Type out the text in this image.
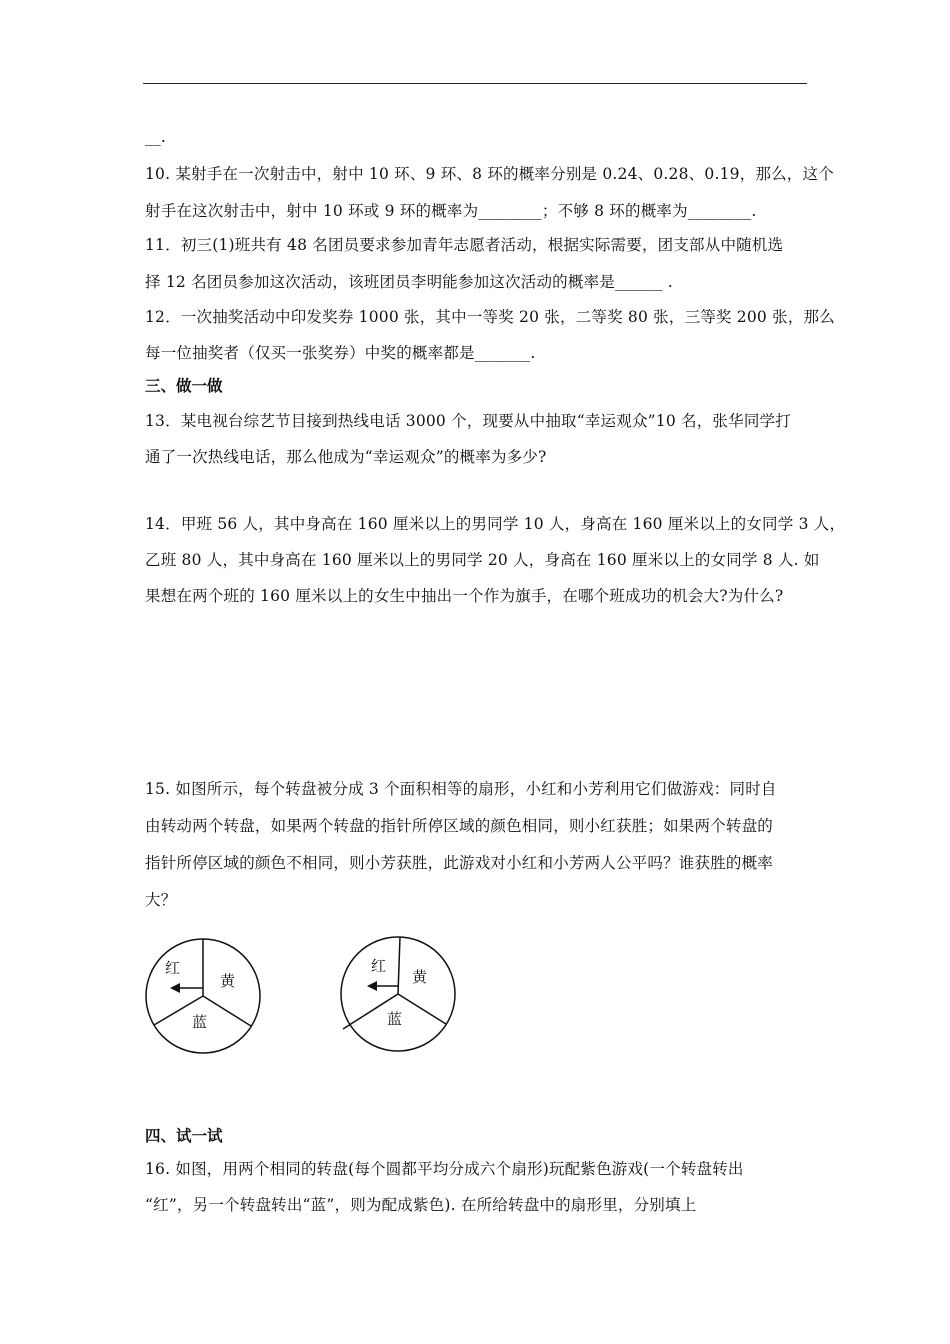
__.
10. 某射手在一次射击中，射中 10 环、9 环、8 环的概率分别是 0.24、0.28、0.19，那么，这个
射手在这次射击中，射中 10 环或 9 环的概率为________；不够 8 环的概率为________.
11．初三(1)班共有 48 名团员要求参加青年志愿者活动，根据实际需要，团支部从中随机选
择 12 名团员参加这次活动，该班团员李明能参加这次活动的概率是______ .
12．一次抽奖活动中印发奖券 1000 张，其中一等奖 20 张，二等奖 80 张，三等奖 200 张，那么
每一位抽奖者（仅买一张奖券）中奖的概率都是_______.
三、做一做
13．某电视台综艺节目接到热线电话 3000 个，现要从中抽取“幸运观众”10 名，张华同学打
通了一次热线电话，那么他成为“幸运观众”的概率为多少?
14．甲班 56 人，其中身高在 160 厘米以上的男同学 10 人，身高在 160 厘米以上的女同学 3 人，
乙班 80 人，其中身高在 160 厘米以上的男同学 20 人，身高在 160 厘米以上的女同学 8 人. 如
果想在两个班的 160 厘米以上的女生中抽出一个作为旗手，在哪个班成功的机会大?为什么?
15. 如图所示，每个转盘被分成 3 个面积相等的扇形，小红和小芳利用它们做游戏：同时自
由转动两个转盘，如果两个转盘的指针所停区域的颜色相同，则小红获胜；如果两个转盘的
指针所停区域的颜色不相同，则小芳获胜，此游戏对小红和小芳两人公平吗？谁获胜的概率
大？
红
黄
蓝
红
黄
蓝
四、试一试
16. 如图，用两个相同的转盘(每个圆都平均分成六个扇形)玩配紫色游戏(一个转盘转出
“红”，另一个转盘转出“蓝”，则为配成紫色). 在所给转盘中的扇形里，分别填上
